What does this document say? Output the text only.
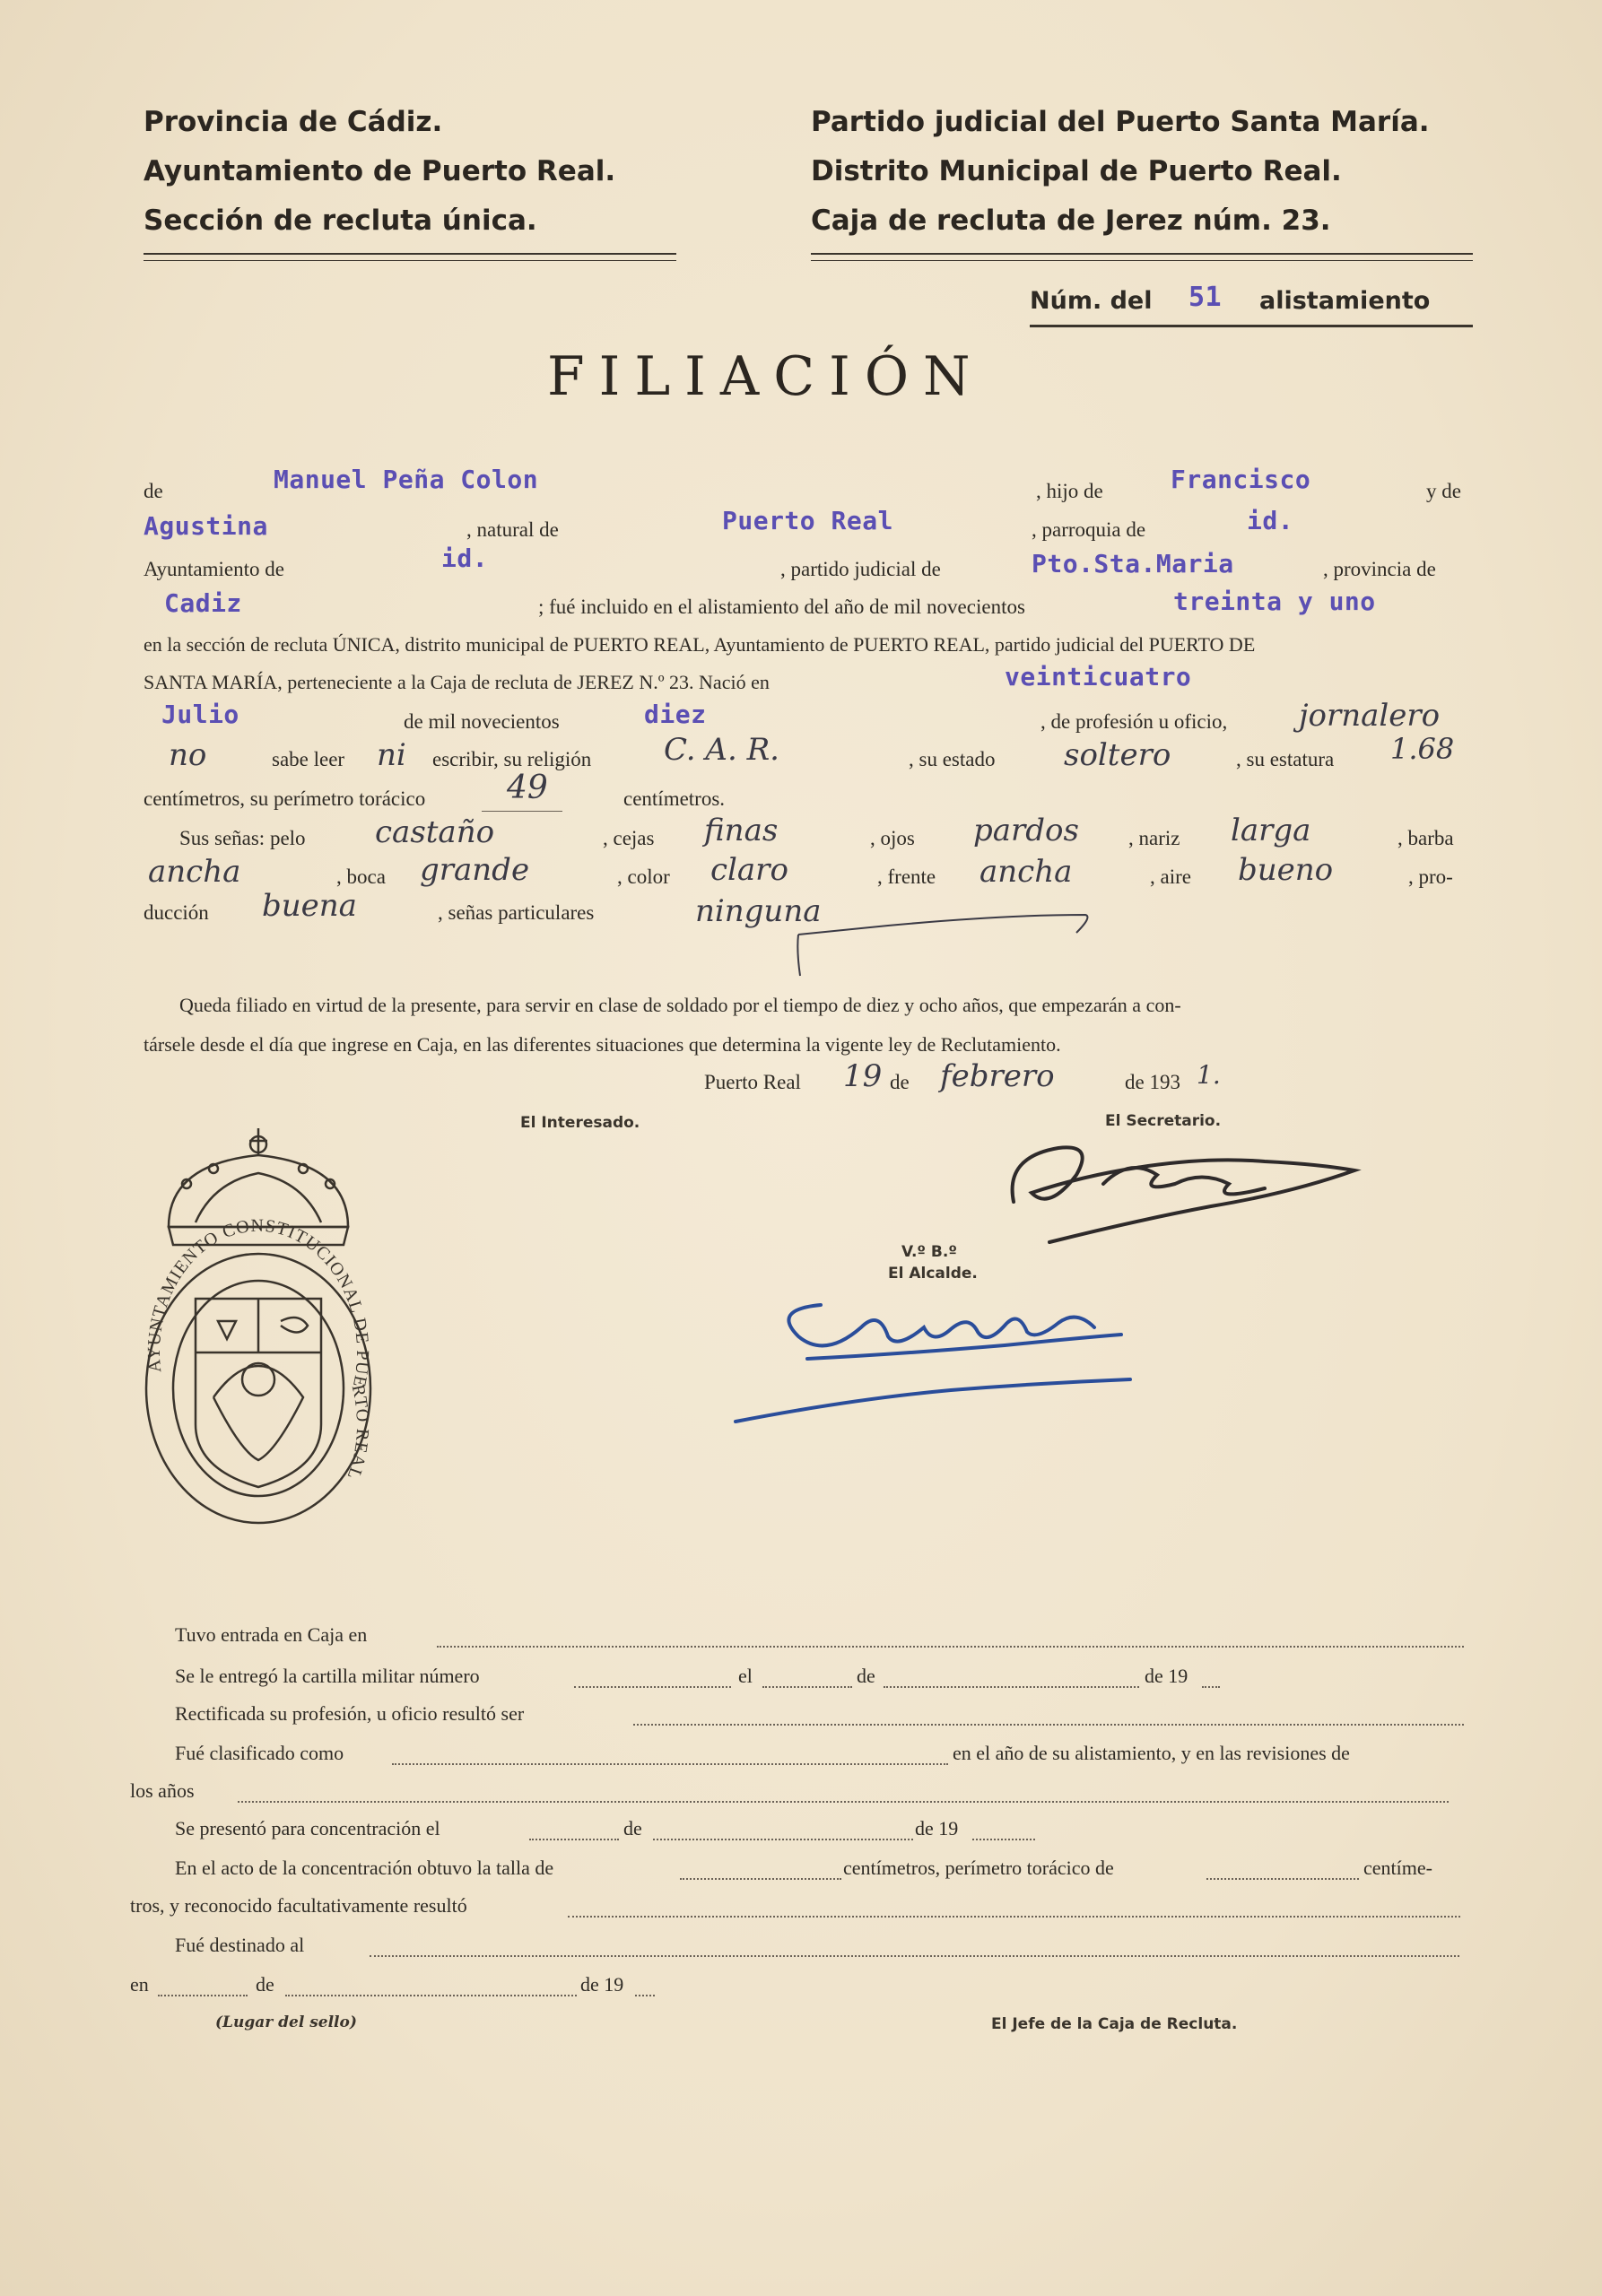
Provincia de Cádiz.
Ayuntamiento de Puerto Real.
Sección de recluta única.
Partido judicial del Puerto Santa María.
Distrito Municipal de Puerto Real.
Caja de recluta de Jerez núm. 23.
Núm. del 51 alistamiento
FILIACIÓN
de	Manuel Peña Colon	, hijo de	Francisco	y de
Agustina	, natural de	Puerto Real	, parroquia de	id.
Ayuntamiento de	id.	, partido judicial de	Pto.Sta.Maria	, provincia de
Cadiz	; fué incluido en el alistamiento del año de mil novecientos	treinta y uno
en la sección de recluta ÚNICA, distrito municipal de PUERTO REAL, Ayuntamiento de PUERTO REAL, partido judicial del PUERTO DE
SANTA MARÍA, perteneciente a la Caja de recluta de JEREZ N.º 23. Nació en	veinticuatro
Julio	de mil novecientos	diez	, de profesión u oficio, jornalero
no	sabe leer ni escribir, su religión C. A. R.	, su estado soltero	, su estatura 1.68
centímetros, su perímetro torácico	49	centímetros.
Sus señas: pelo castaño	, cejas finas	, ojos pardos , nariz larga	, barba
ancha	, boca grande	, color claro	, frente ancha	, aire bueno	, pro-
ducción buena	, señas particulares	ninguna
Queda filiado en virtud de la presente, para servir en clase de soldado por el tiempo de diez y ocho años, que empezarán a con-
társele desde el día que ingrese en Caja, en las diferentes situaciones que determina la vigente ley de Reclutamiento.
Puerto Real 19 de febrero	de 193 1.
El Interesado.	El Secretario.
V.º B.º
El Alcalde.
AYUNTAMIENTO CONSTITUCIONAL DE PUERTO REAL
Tuvo entrada en Caja en
Se le entregó la cartilla militar número	el	de	de 19
Rectificada su profesión, u oficio resultó ser
Fué clasificado como	en el año de su alistamiento, y en las revisiones de
los años
Se presentó para concentración el	de	de 19
En el acto de la concentración obtuvo la talla de	centímetros, perímetro torácico de	centíme-
tros, y reconocido facultativamente resultó
Fué destinado al
en	de	de 19
(Lugar del sello)	El Jefe de la Caja de Recluta.
